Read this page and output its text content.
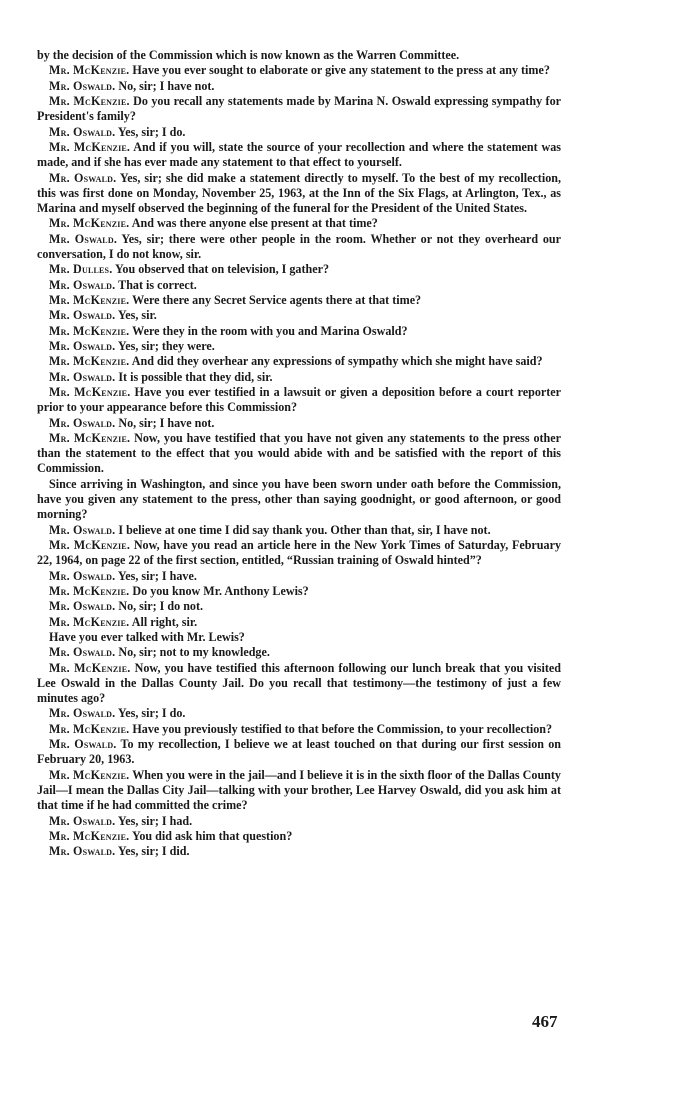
by the decision of the Commission which is now known as the Warren Committee.
Mr. McKenzie. Have you ever sought to elaborate or give any statement to the press at any time?
Mr. Oswald. No, sir; I have not.
Mr. McKenzie. Do you recall any statements made by Marina N. Oswald expressing sympathy for President's family?
Mr. Oswald. Yes, sir; I do.
Mr. McKenzie. And if you will, state the source of your recollection and where the statement was made, and if she has ever made any statement to that effect to yourself.
Mr. Oswald. Yes, sir; she did make a statement directly to myself. To the best of my recollection, this was first done on Monday, November 25, 1963, at the Inn of the Six Flags, at Arlington, Tex., as Marina and myself observed the beginning of the funeral for the President of the United States.
Mr. McKenzie. And was there anyone else present at that time?
Mr. Oswald. Yes, sir; there were other people in the room. Whether or not they overheard our conversation, I do not know, sir.
Mr. Dulles. You observed that on television, I gather?
Mr. Oswald. That is correct.
Mr. McKenzie. Were there any Secret Service agents there at that time?
Mr. Oswald. Yes, sir.
Mr. McKenzie. Were they in the room with you and Marina Oswald?
Mr. Oswald. Yes, sir; they were.
Mr. McKenzie. And did they overhear any expressions of sympathy which she might have said?
Mr. Oswald. It is possible that they did, sir.
Mr. McKenzie. Have you ever testified in a lawsuit or given a deposition before a court reporter prior to your appearance before this Commission?
Mr. Oswald. No, sir; I have not.
Mr. McKenzie. Now, you have testified that you have not given any statements to the press other than the statement to the effect that you would abide with and be satisfied with the report of this Commission.
Since arriving in Washington, and since you have been sworn under oath before the Commission, have you given any statement to the press, other than saying goodnight, or good afternoon, or good morning?
Mr. Oswald. I believe at one time I did say thank you. Other than that, sir, I have not.
Mr. McKenzie. Now, have you read an article here in the New York Times of Saturday, February 22, 1964, on page 22 of the first section, entitled, “Russian training of Oswald hinted”?
Mr. Oswald. Yes, sir; I have.
Mr. McKenzie. Do you know Mr. Anthony Lewis?
Mr. Oswald. No, sir; I do not.
Mr. McKenzie. All right, sir.
Have you ever talked with Mr. Lewis?
Mr. Oswald. No, sir; not to my knowledge.
Mr. McKenzie. Now, you have testified this afternoon following our lunch break that you visited Lee Oswald in the Dallas County Jail. Do you recall that testimony—the testimony of just a few minutes ago?
Mr. Oswald. Yes, sir; I do.
Mr. McKenzie. Have you previously testified to that before the Commission, to your recollection?
Mr. Oswald. To my recollection, I believe we at least touched on that during our first session on February 20, 1963.
Mr. McKenzie. When you were in the jail—and I believe it is in the sixth floor of the Dallas County Jail—I mean the Dallas City Jail—talking with your brother, Lee Harvey Oswald, did you ask him at that time if he had committed the crime?
Mr. Oswald. Yes, sir; I had.
Mr. McKenzie. You did ask him that question?
Mr. Oswald. Yes, sir; I did.
467
